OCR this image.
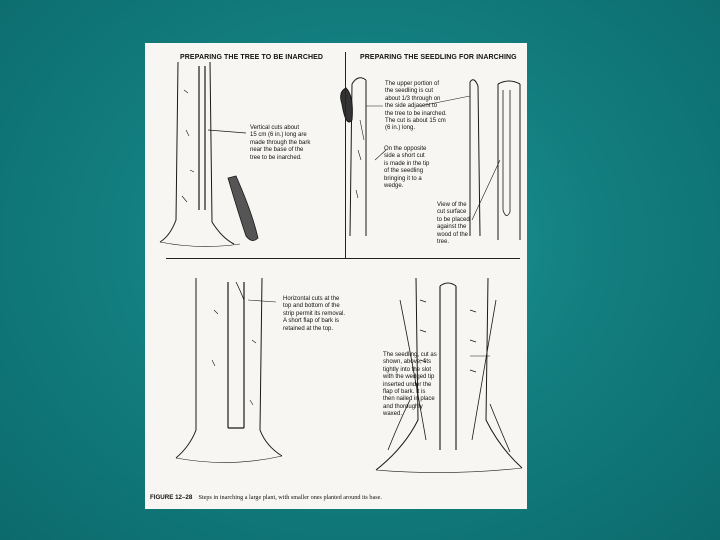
PREPARING THE TREE TO BE INARCHED	PREPARING THE SEEDLING FOR INARCHING
Vertical cuts about
15 cm (6 in.) long are
made through the bark
near the base of the
tree to be inarched.
The upper portion of
the seedling is cut
about 1/3 through on
the side adjacent to
the tree to be inarched.
The cut is about 15 cm
(6 in.) long.
On the opposite
side a short cut
is made in the tip
of the seedling
bringing it to a
wedge.
View of the
cut surface
to be placed
against the
wood of the
tree.
Horizontal cuts at the
top and bottom of the
strip permit its removal.
A short flap of bark is
retained at the top.
The seedling, cut as
shown, above, fits
tightly into the slot
with the wedged tip
inserted under the
flap of bark. It is
then nailed in place
and thoroughly
waxed.
FIGURE 12–28 Steps in inarching a large plant, with smaller ones planted around its base.
